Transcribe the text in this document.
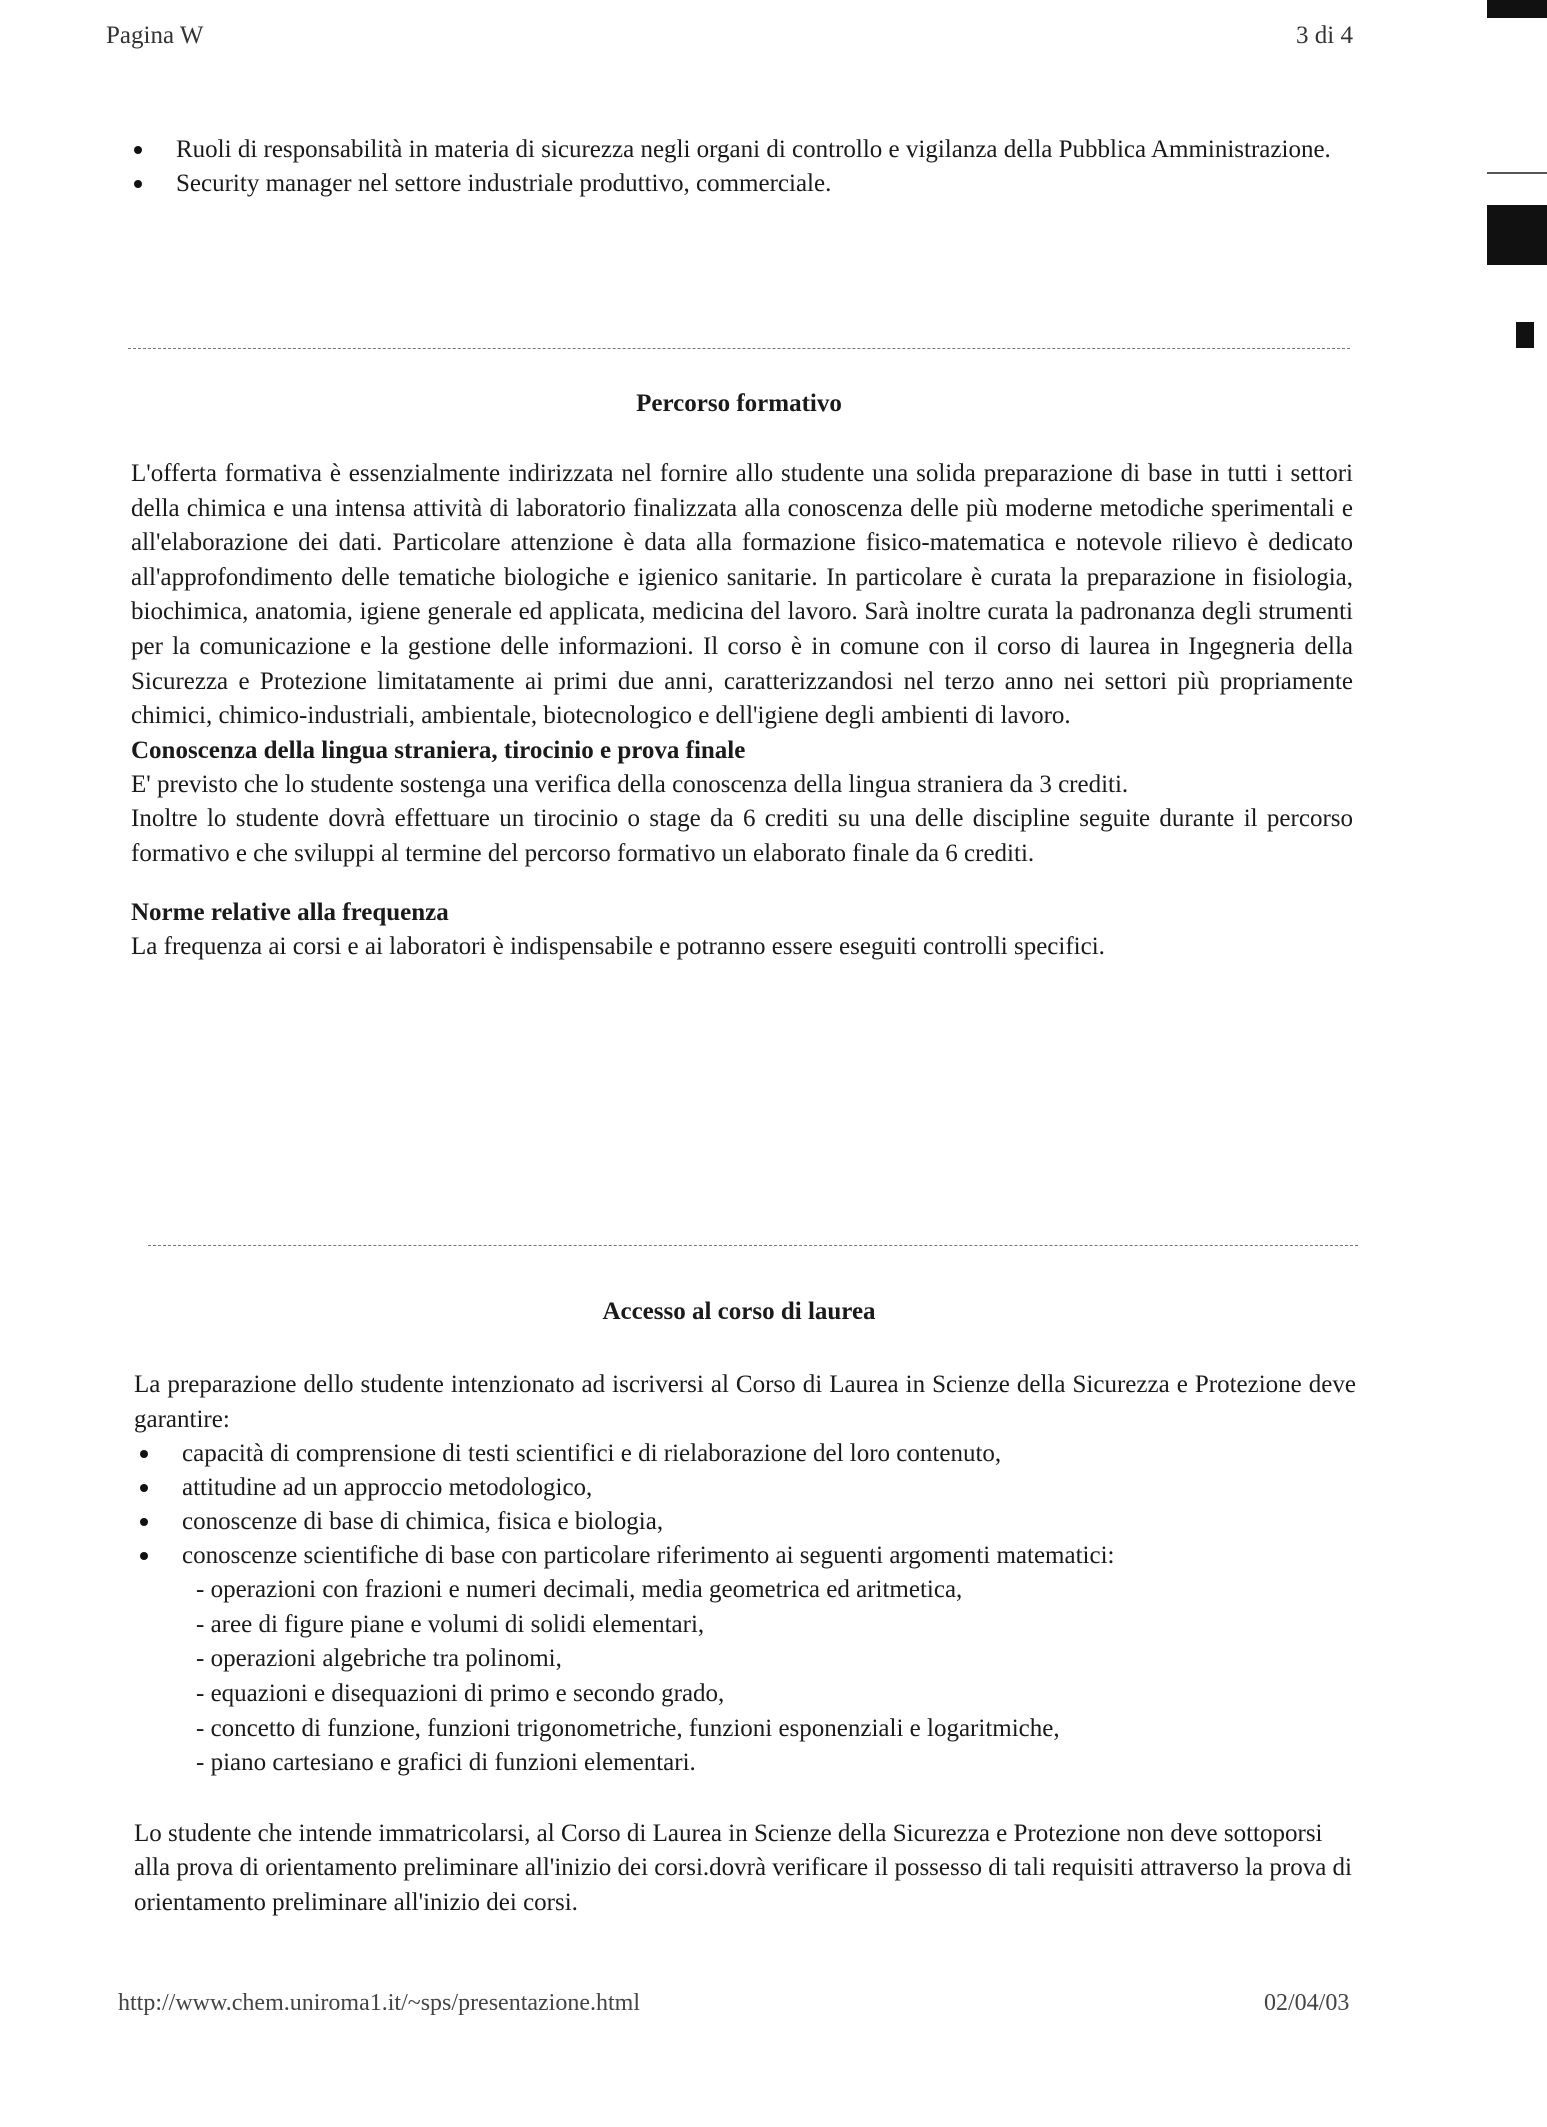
Pagina W	3 di 4
Ruoli di responsabilità in materia di sicurezza negli organi di controllo e vigilanza della Pubblica Amministrazione.
Security manager nel settore industriale produttivo, commerciale.
Percorso formativo
L'offerta formativa è essenzialmente indirizzata nel fornire allo studente una solida preparazione di base in tutti i settori della chimica e una intensa attività di laboratorio finalizzata alla conoscenza delle più moderne metodiche sperimentali e all'elaborazione dei dati. Particolare attenzione è data alla formazione fisico-matematica e notevole rilievo è dedicato all'approfondimento delle tematiche biologiche e igienico sanitarie. In particolare è curata la preparazione in fisiologia, biochimica, anatomia, igiene generale ed applicata, medicina del lavoro. Sarà inoltre curata la padronanza degli strumenti per la comunicazione e la gestione delle informazioni. Il corso è in comune con il corso di laurea in Ingegneria della Sicurezza e Protezione limitatamente ai primi due anni, caratterizzandosi nel terzo anno nei settori più propriamente chimici, chimico-industriali, ambientale, biotecnologico e dell'igiene degli ambienti di lavoro.
Conoscenza della lingua straniera, tirocinio e prova finale
E' previsto che lo studente sostenga una verifica della conoscenza della lingua straniera da 3 crediti.
Inoltre lo studente dovrà effettuare un tirocinio o stage da 6 crediti su una delle discipline seguite durante il percorso formativo e che sviluppi al termine del percorso formativo un elaborato finale da 6 crediti.
Norme relative alla frequenza
La frequenza ai corsi e ai laboratori è indispensabile e potranno essere eseguiti controlli specifici.
Accesso al corso di laurea
La preparazione dello studente intenzionato ad iscriversi al Corso di Laurea in Scienze della Sicurezza e Protezione deve garantire:
capacità di comprensione di testi scientifici e di rielaborazione del loro contenuto,
attitudine ad un approccio metodologico,
conoscenze di base di chimica, fisica e biologia,
conoscenze scientifiche di base con particolare riferimento ai seguenti argomenti matematici:
- operazioni con frazioni e numeri decimali, media geometrica ed aritmetica,
- aree di figure piane e volumi di solidi elementari,
- operazioni algebriche tra polinomi,
- equazioni e disequazioni di primo e secondo grado,
- concetto di funzione, funzioni trigonometriche, funzioni esponenziali e logaritmiche,
- piano cartesiano e grafici di funzioni elementari.
Lo studente che intende immatricolarsi, al Corso di Laurea in Scienze della Sicurezza e Protezione non deve sottoporsi alla prova di orientamento preliminare all'inizio dei corsi.dovrà verificare il possesso di tali requisiti attraverso la prova di orientamento preliminare all'inizio dei corsi.
http://www.chem.uniroma1.it/~sps/presentazione.html	02/04/03
